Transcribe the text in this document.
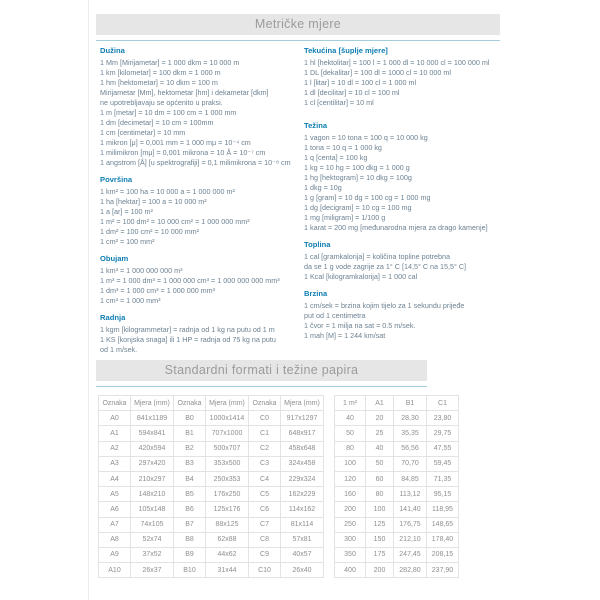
Metričke mjere
Dužina
1 Mm [Mirijametar] = 1 000 dkm = 10 000 m
1 km [kilometar] = 100 dkm = 1 000 m
1 hm [hektometar] = 10 dkm = 100 m
Mirijametar [Mm], hektometar [hm] i dekametar [dkm]
ne upotrebljavaju se općenito u praksi.
1 m [metar] = 10 dm = 100 cm = 1 000 mm
1 dm [decimetar] = 10 cm = 100mm
1 cm [centimetar] = 10 mm
1 mikron [μ] = 0,001 mm = 1 000 mμ = 10⁻⁴ cm
1 milimikron [mμ] = 0,001 mikrona = 10 Å = 10⁻⁷ cm
1 angstrom [Å] [u spektrografiji] = 0,1 milimikrona = 10⁻⁸ cm
Površina
1 km² = 100 ha = 10 000 a = 1 000 000 m²
1 ha [hektar] = 100 a = 10 000 m²
1 a [ar] = 100 m²
1 m² = 100 dm² = 10 000 cm² = 1 000 000 mm²
1 dm² = 100 cm² = 10 000 mm²
1 cm² = 100 mm²
Obujam
1 km³ = 1 000 000 000 m³
1 m³ = 1 000 dm³ = 1 000 000 cm³ = 1 000 000 000 mm³
1 dm³ = 1 000 cm³ = 1 000 000 mm³
1 cm³ = 1 000 mm³
Radnja
1 kgm [kilogrammetar] = radnja od 1 kg na putu od 1 m
1 KS [konjska snaga] ili 1 HP = radnja od 75 kg na putu
od 1 m/sek.
Tekućina [šuplje mjere]
1 hl [hektolitar] = 100 l = 1 000 dl = 10 000 cl = 100 000 ml
1 DL [dekalitar] = 100 dl = 1000 cl = 10 000 ml
1 l [litar] = 10 dl = 100 cl = 1 000 ml
1 dl [decilitar] = 10 cl = 100 ml
1 cl [centilitar] = 10 ml
Težina
1 vagon = 10 tona = 100 q = 10 000 kg
1 tona = 10 q = 1 000 kg
1 q [centa] = 100 kg
1 kg = 10 hg = 100 dkg = 1 000 g
1 hg [hektogram] = 10 dkg = 100g
1 dkg = 10g
1 g [gram] = 10 dg = 100 cg = 1 000 mg
1 dg [decigram] = 10 cg = 100 mg
1 mg [miligram] = 1/100 g
1 karat = 200 mg [međunarodna mjera za drago kamenje]
Toplina
1 cal [gramkalorija] = količina topline potrebna
da se 1 g vode zagrije za 1° C [14,5° C na 15,5° C]
1 Kcal [kilogramkalorija] = 1 000 cal
Brzina
1 cm/sek = brzina kojim tijelo za 1 sekundu prijeđe
put od 1 centimetra
1 čvor = 1 milja na sat = 0.5 m/sek.
1 mah [M] = 1 244 km/sat
Standardni formati i težine papira
Oznaka	Mjera (mm)	Oznaka	Mjera (mm)	Oznaka	Mjera (mm)
A0	841x1189	B0	1000x1414	C0	917x1297
A1	594x841	B1	707x1000	C1	648x917
A2	420x594	B2	500x707	C2	458x648
A3	297x420	B3	353x500	C3	324x458
A4	210x297	B4	250x353	C4	229x324
A5	148x210	B5	176x250	C5	162x229
A6	105x148	B6	125x176	C6	114x162
A7	74x105	B7	88x125	C7	81x114
A8	52x74	B8	62x88	C8	57x81
A9	37x52	B9	44x62	C9	40x57
A10	26x37	B10	31x44	C10	26x40
1 m²	A1	B1	C1
40	20	28,30	23,80
50	25	35,35	29,75
80	40	56,56	47,55
100	50	70,70	59,45
120	60	84,85	71,35
160	80	113,12	95,15
200	100	141,40	118,95
250	125	176,75	148,65
300	150	212,10	178,40
350	175	247,45	208,15
400	200	282,80	237,90
